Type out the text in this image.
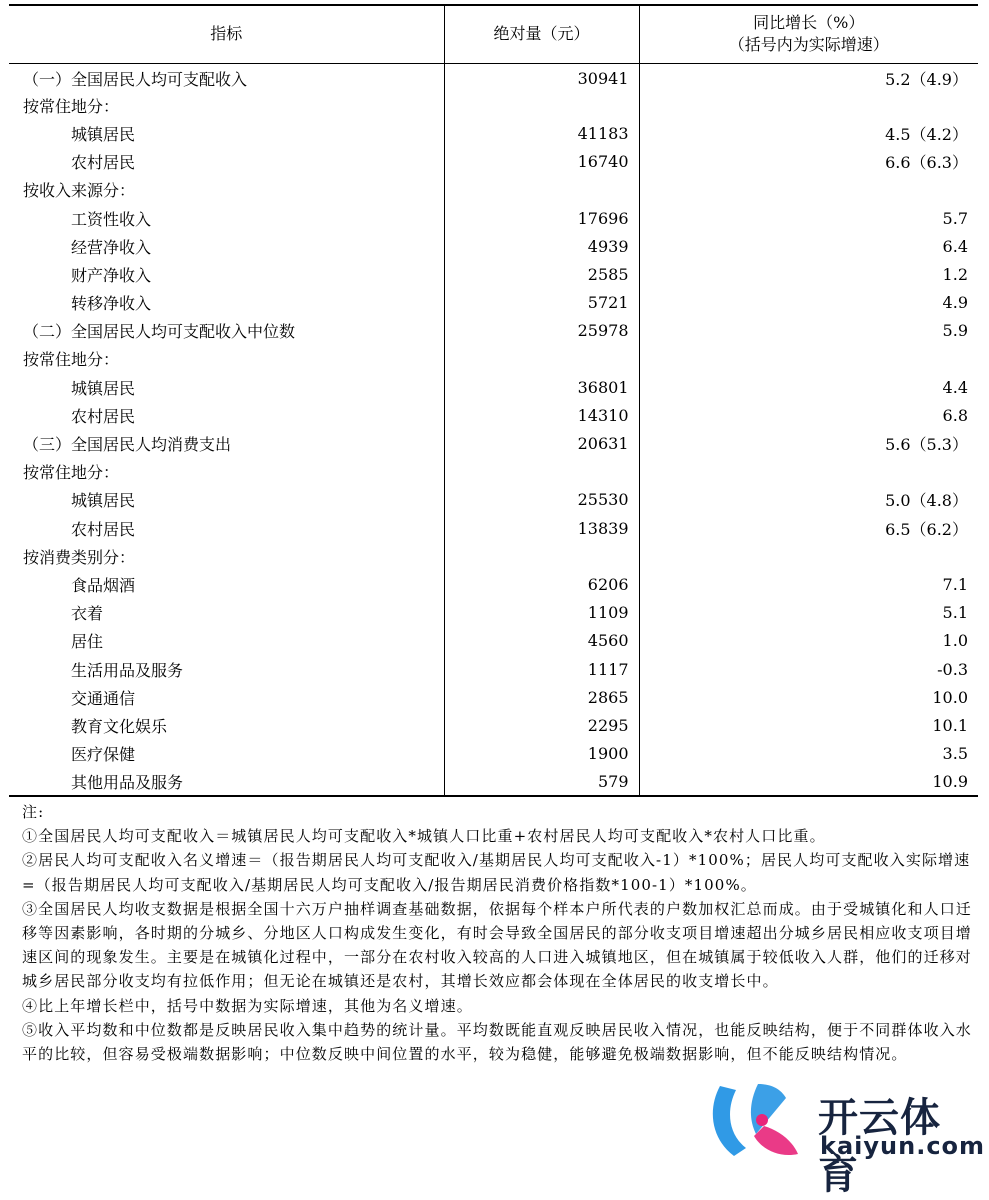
指标	绝对量（元）	同比增长（%）
（括号内为实际增速）

（一）全国居民人均可支配收入	30941	5.2（4.9）
按常住地分：		
城镇居民	41183	4.5（4.2）
农村居民	16740	6.6（6.3）
按收入来源分：		
工资性收入	17696	5.7
经营净收入	4939	6.4
财产净收入	2585	1.2
转移净收入	5721	4.9
（二）全国居民人均可支配收入中位数	25978	5.9
按常住地分：		
城镇居民	36801	4.4
农村居民	14310	6.8
（三）全国居民人均消费支出	20631	5.6（5.3）
按常住地分：		
城镇居民	25530	5.0（4.8）
农村居民	13839	6.5（6.2）
按消费类别分：		
食品烟酒	6206	7.1
衣着	1109	5.1
居住	4560	1.0
生活用品及服务	1117	-0.3
交通通信	2865	10.0
教育文化娱乐	2295	10.1
医疗保健	1900	3.5
其他用品及服务	579	10.9

注:

①全国居民人均可支配收入＝城镇居民人均可支配收入*城镇人口比重+农村居民人均可支配收入*农村人口比重。

②居民人均可支配收入名义增速＝（报告期居民人均可支配收入/基期居民人均可支配收入-1）*100%；居民人均可支配收入实际增速=（报告期居民人均可支配收入/基期居民人均可支配收入/报告期居民消费价格指数*100-1）*100%。

③全国居民人均收支数据是根据全国十六万户抽样调查基础数据，依据每个样本户所代表的户数加权汇总而成。由于受城镇化和人口迁移等因素影响，各时期的分城乡、分地区人口构成发生变化，有时会导致全国居民的部分收支项目增速超出分城乡居民相应收支项目增速区间的现象发生。主要是在城镇化过程中，一部分在农村收入较高的人口进入城镇地区，但在城镇属于较低收入人群，他们的迁移对城乡居民部分收支均有拉低作用；但无论在城镇还是农村，其增长效应都会体现在全体居民的收支增长中。

④比上年增长栏中，括号中数据为实际增速，其他为名义增速。

⑤收入平均数和中位数都是反映居民收入集中趋势的统计量。平均数既能直观反映居民收入情况，也能反映结构，便于不同群体收入水平的比较，但容易受极端数据影响；中位数反映中间位置的水平，较为稳健，能够避免极端数据影响，但不能反映结构情况。

开云体育
kaiyun.com
